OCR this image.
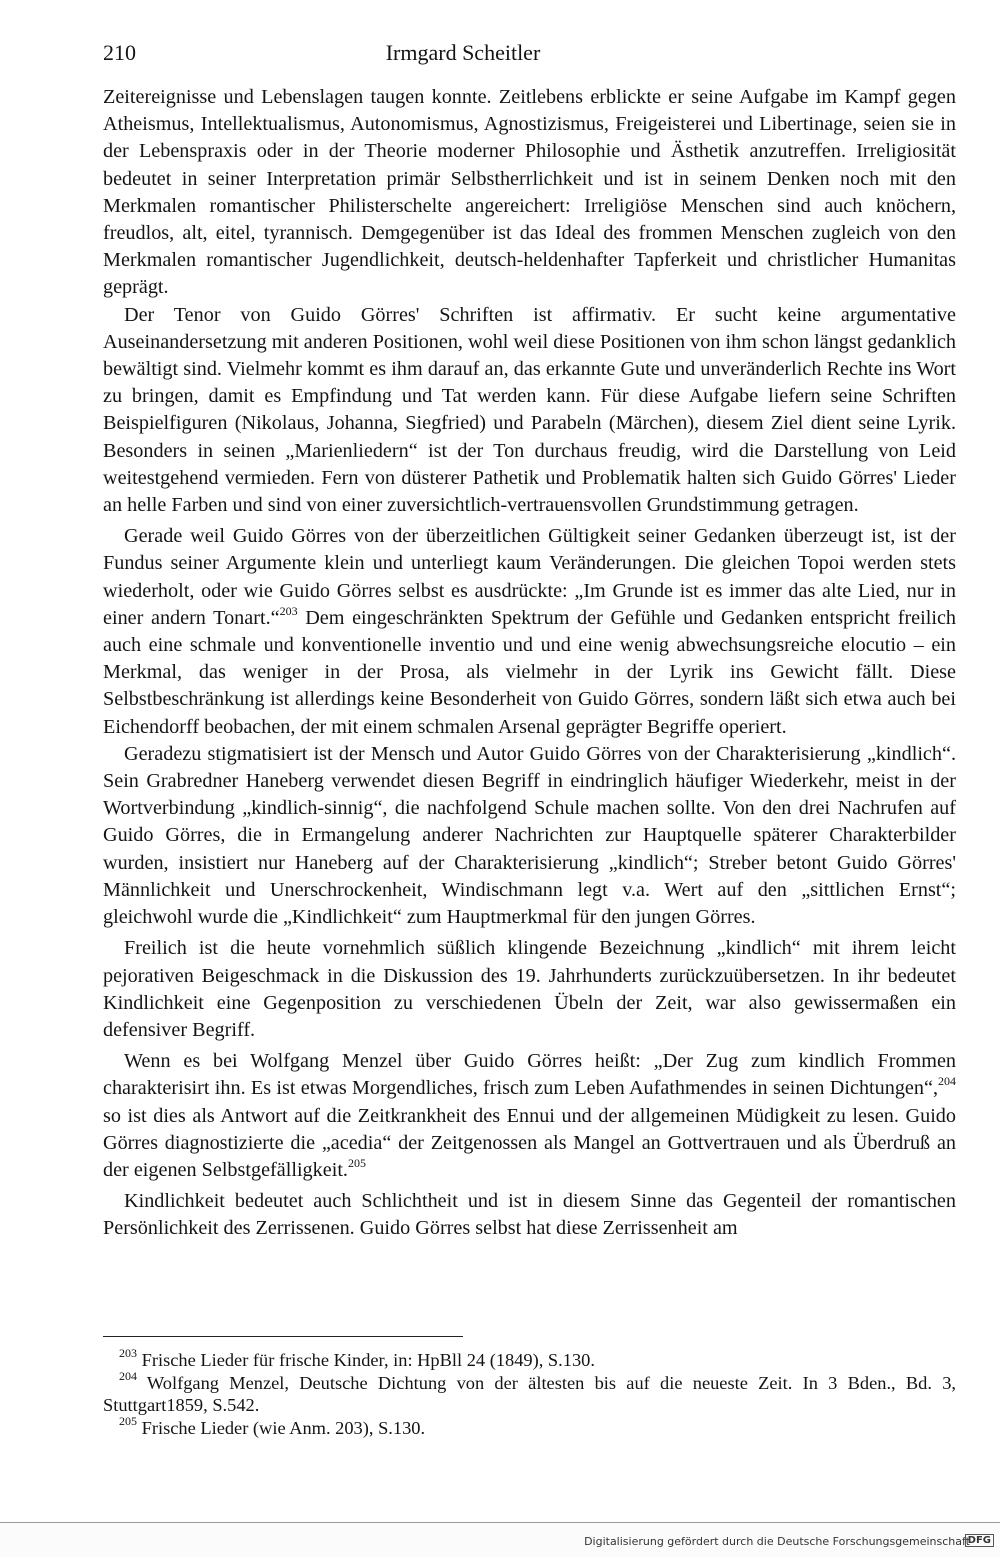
210	Irmgard Scheitler

Zeitereignisse und Lebenslagen taugen konnte. Zeitlebens erblickte er seine Aufgabe im Kampf gegen Atheismus, Intellektualismus, Autonomismus, Agnostizismus, Freigeisterei und Libertinage, seien sie in der Lebenspraxis oder in der Theorie moderner Philosophie und Ästhetik anzutreffen. Irreligiosität bedeutet in seiner Interpretation primär Selbstherrlichkeit und ist in seinem Denken noch mit den Merkmalen romantischer Philisterschelte angereichert: Irreligiöse Menschen sind auch knöchern, freudlos, alt, eitel, tyrannisch. Demgegenüber ist das Ideal des frommen Menschen zugleich von den Merkmalen romantischer Jugendlichkeit, deutsch-heldenhafter Tapferkeit und christlicher Humanitas geprägt.

Der Tenor von Guido Görres' Schriften ist affirmativ. Er sucht keine argumentative Auseinandersetzung mit anderen Positionen, wohl weil diese Positionen von ihm schon längst gedanklich bewältigt sind. Vielmehr kommt es ihm darauf an, das erkannte Gute und unveränderlich Rechte ins Wort zu bringen, damit es Empfindung und Tat werden kann. Für diese Aufgabe liefern seine Schriften Beispielfiguren (Nikolaus, Johanna, Siegfried) und Parabeln (Märchen), diesem Ziel dient seine Lyrik. Besonders in seinen „Marienliedern“ ist der Ton durchaus freudig, wird die Darstellung von Leid weitestgehend vermieden. Fern von düsterer Pathetik und Problematik halten sich Guido Görres' Lieder an helle Farben und sind von einer zuversichtlich-vertrauensvollen Grundstimmung getragen.

Gerade weil Guido Görres von der überzeitlichen Gültigkeit seiner Gedanken überzeugt ist, ist der Fundus seiner Argumente klein und unterliegt kaum Veränderungen. Die gleichen Topoi werden stets wiederholt, oder wie Guido Görres selbst es ausdrückte: „Im Grunde ist es immer das alte Lied, nur in einer andern Tonart.“$^{203}$ Dem eingeschränkten Spektrum der Gefühle und Gedanken entspricht freilich auch eine schmale und konventionelle inventio und und eine wenig abwechsungsreiche elocutio – ein Merkmal, das weniger in der Prosa, als vielmehr in der Lyrik ins Gewicht fällt. Diese Selbstbeschränkung ist allerdings keine Besonderheit von Guido Görres, sondern läßt sich etwa auch bei Eichendorff beobachen, der mit einem schmalen Arsenal geprägter Begriffe operiert.

Geradezu stigmatisiert ist der Mensch und Autor Guido Görres von der Charakterisierung „kindlich“. Sein Grabredner Haneberg verwendet diesen Begriff in eindringlich häufiger Wiederkehr, meist in der Wortverbindung „kindlich-sinnig“, die nachfolgend Schule machen sollte. Von den drei Nachrufen auf Guido Görres, die in Ermangelung anderer Nachrichten zur Hauptquelle späterer Charakterbilder wurden, insistiert nur Haneberg auf der Charakterisierung „kindlich“; Streber betont Guido Görres' Männlichkeit und Unerschrockenheit, Windischmann legt v.a. Wert auf den „sittlichen Ernst“; gleichwohl wurde die „Kindlichkeit“ zum Hauptmerkmal für den jungen Görres.

Freilich ist die heute vornehmlich süßlich klingende Bezeichnung „kindlich“ mit ihrem leicht pejorativen Beigeschmack in die Diskussion des 19. Jahrhunderts zurückzuübersetzen. In ihr bedeutet Kindlichkeit eine Gegenposition zu verschiedenen Übeln der Zeit, war also gewissermaßen ein defensiver Begriff.

Wenn es bei Wolfgang Menzel über Guido Görres heißt: „Der Zug zum kindlich Frommen charakterisirt ihn. Es ist etwas Morgendliches, frisch zum Leben Aufathmendes in seinen Dichtungen“,$^{204}$ so ist dies als Antwort auf die Zeitkrankheit des Ennui und der allgemeinen Müdigkeit zu lesen. Guido Görres diagnostizierte die „acedia“ der Zeitgenossen als Mangel an Gottvertrauen und als Überdruß an der eigenen Selbstgefälligkeit.$^{205}$

Kindlichkeit bedeutet auch Schlichtheit und ist in diesem Sinne das Gegenteil der romantischen Persönlichkeit des Zerrissenen. Guido Görres selbst hat diese Zerrissenheit am

$^{203}$ Frische Lieder für frische Kinder, in: HpBll 24 (1849), S.130.

$^{204}$ Wolfgang Menzel, Deutsche Dichtung von der ältesten bis auf die neueste Zeit. In 3 Bden., Bd. 3, Stuttgart1859, S.542.

$^{205}$ Frische Lieder (wie Anm. 203), S.130.

Digitalisierung gefördert durch die Deutsche Forschungsgemeinschaft
DFG
